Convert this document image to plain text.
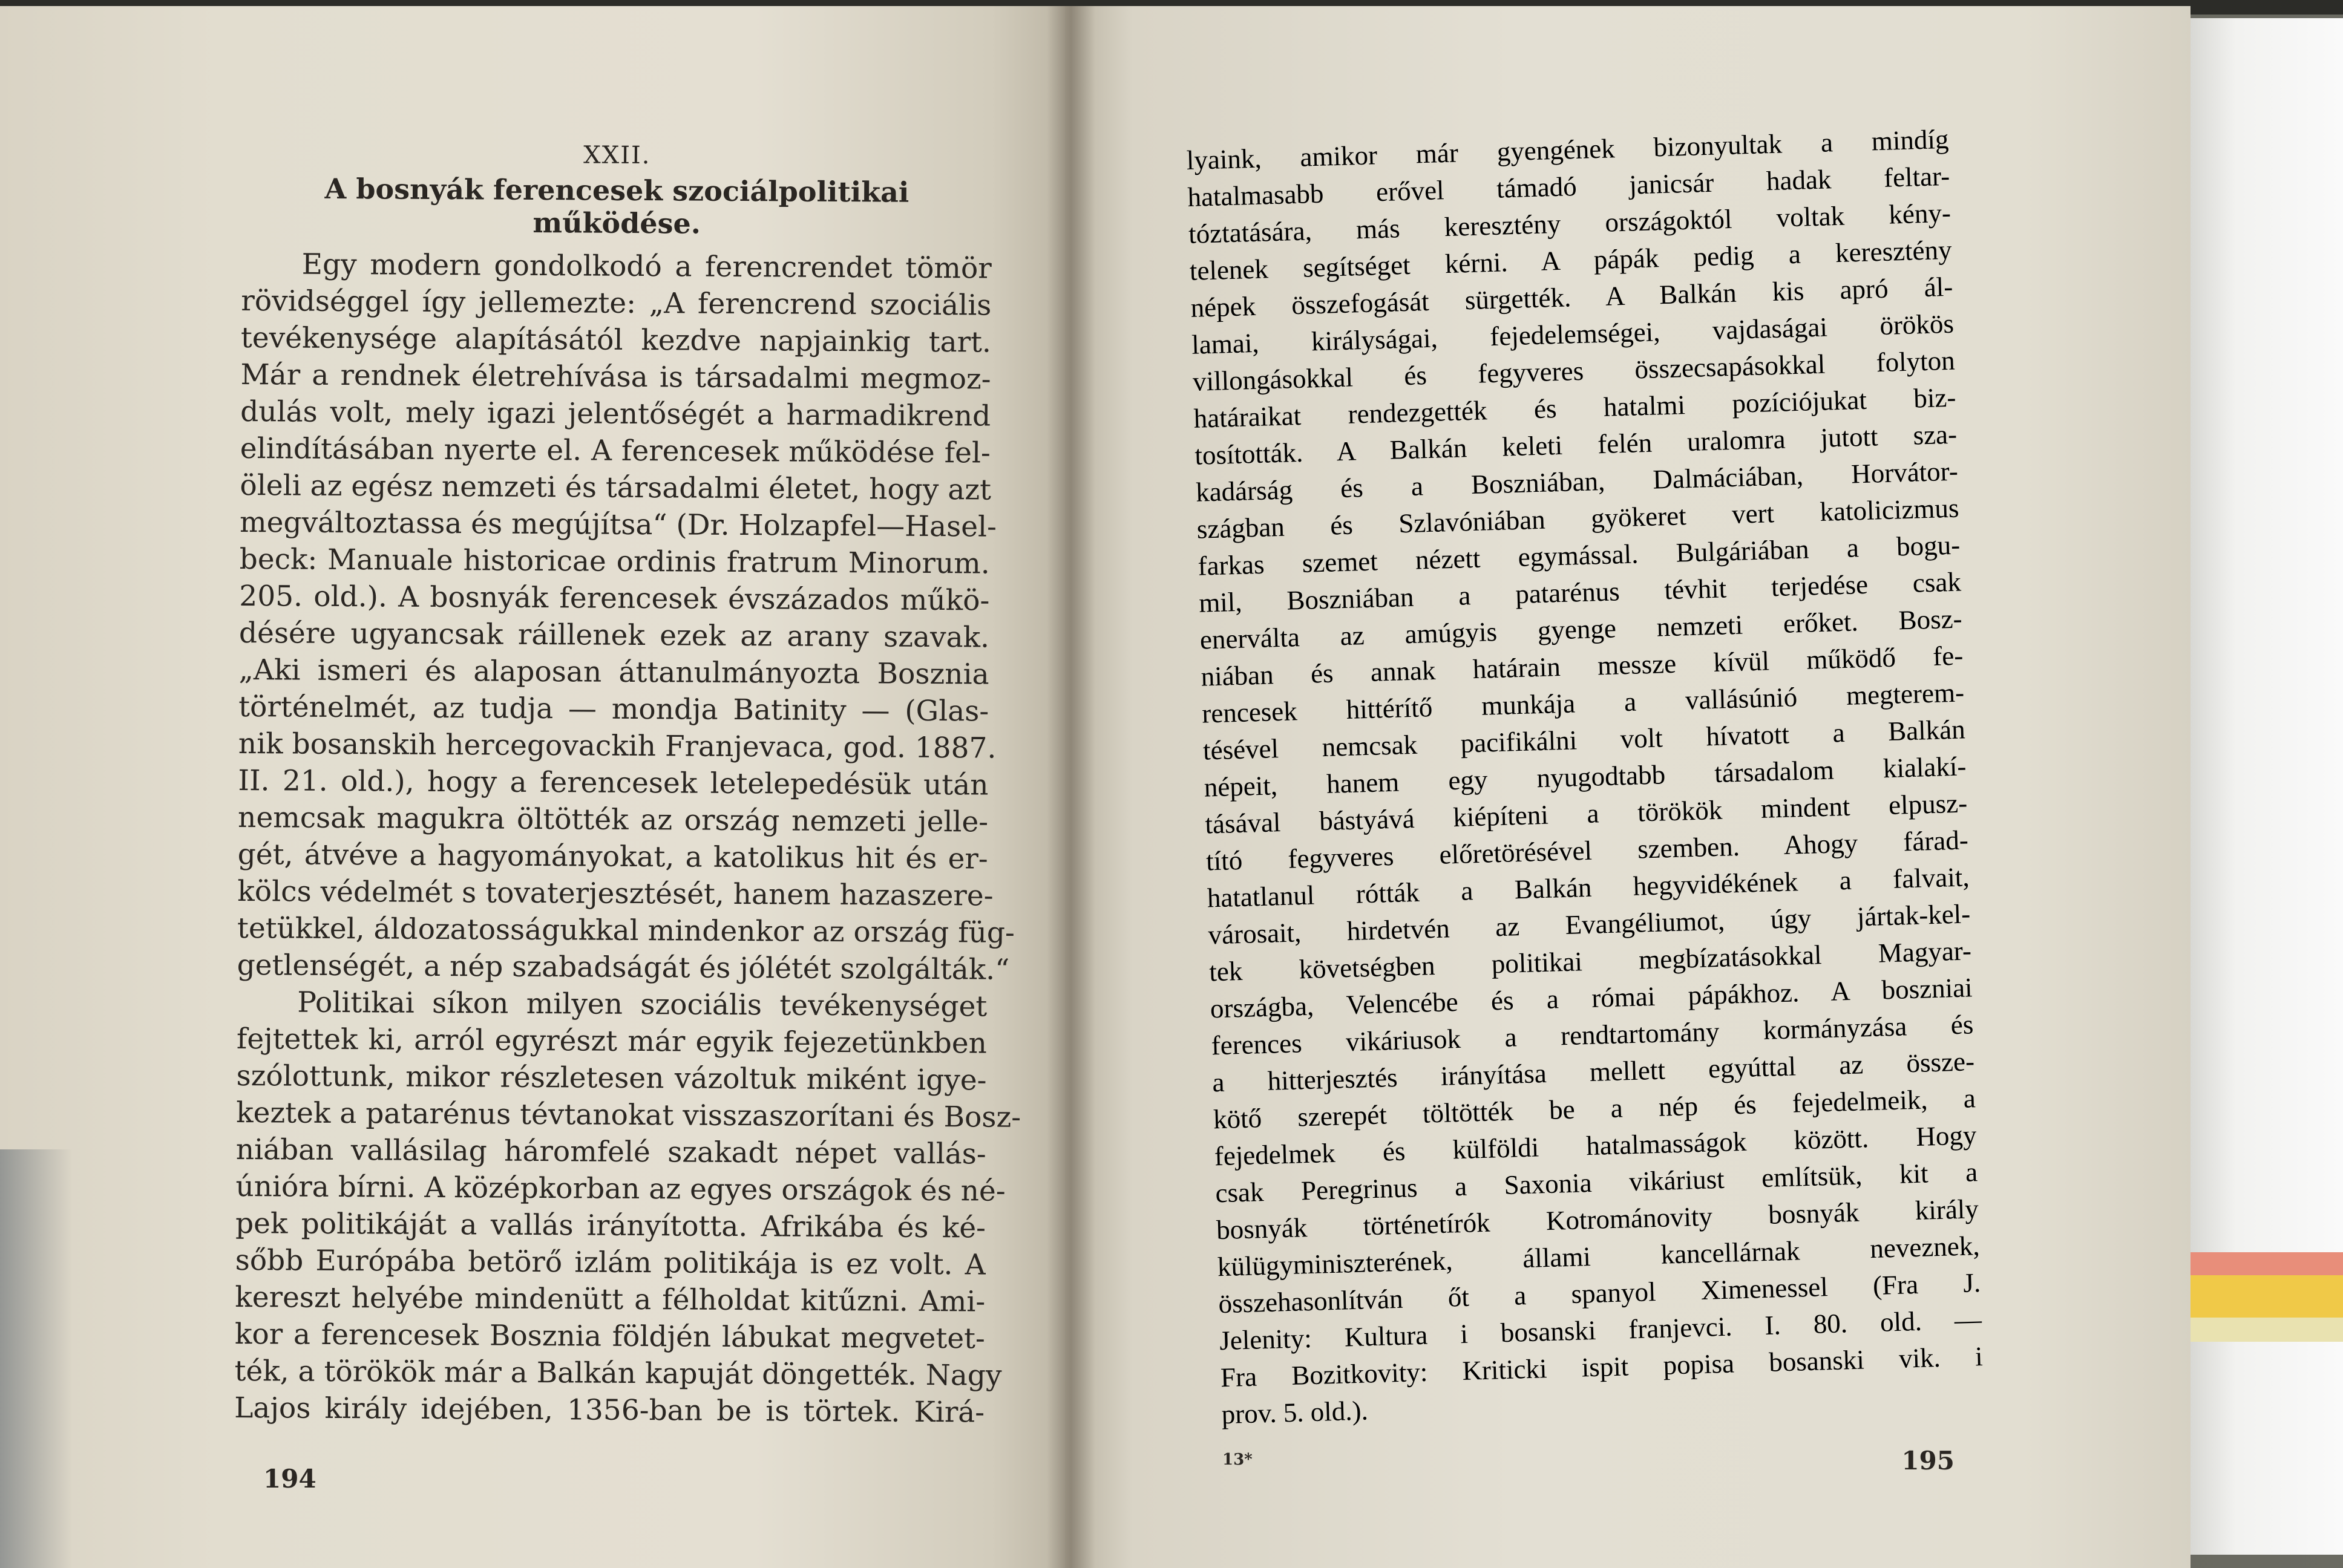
XXII.
A bosnyák ferencesek szociálpolitikai működése.
Egy modern gondolkodó a ferencrendet tömör
rövidséggel így jellemezte: „A ferencrend szociális
tevékenysége alapításától kezdve napjainkig tart.
Már a rendnek életrehívása is társadalmi megmoz-
dulás volt, mely igazi jelentőségét a harmadikrend
elindításában nyerte el. A ferencesek működése fel-
öleli az egész nemzeti és társadalmi életet, hogy azt
megváltoztassa és megújítsa“ (Dr. Holzapfel—Hasel-
beck: Manuale historicae ordinis fratrum Minorum.
205. old.). A bosnyák ferencesek évszázados műkö-
désére ugyancsak ráillenek ezek az arany szavak.
„Aki ismeri és alaposan áttanulmányozta Bosznia
történelmét, az tudja — mondja Batinity — (Glas-
nik bosanskih hercegovackih Franjevaca, god. 1887.
II. 21. old.), hogy a ferencesek letelepedésük után
nemcsak magukra öltötték az ország nemzeti jelle-
gét, átvéve a hagyományokat, a katolikus hit és er-
kölcs védelmét s tovaterjesztését, hanem hazaszere-
tetükkel, áldozatosságukkal mindenkor az ország füg-
getlenségét, a nép szabadságát és jólétét szolgálták.“
Politikai síkon milyen szociális tevékenységet
fejtettek ki, arról egyrészt már egyik fejezetünkben
szólottunk, mikor részletesen vázoltuk miként igye-
keztek a patarénus tévtanokat visszaszorítani és Bosz-
niában vallásilag háromfelé szakadt népet vallás-
únióra bírni. A középkorban az egyes országok és né-
pek politikáját a vallás irányította. Afrikába és ké-
sőbb Európába betörő izlám politikája is ez volt. A
kereszt helyébe mindenütt a félholdat kitűzni. Ami-
kor a ferencesek Bosznia földjén lábukat megvetet-
ték, a törökök már a Balkán kapuját döngették. Nagy
Lajos király idejében, 1356-ban be is törtek. Kirá-
194
lyaink, amikor már gyengének bizonyultak a mindíg
hatalmasabb erővel támadó janicsár hadak feltar-
tóztatására, más keresztény országoktól voltak kény-
telenek segítséget kérni. A pápák pedig a keresztény
népek összefogását sürgették. A Balkán kis apró ál-
lamai, királyságai, fejedelemségei, vajdaságai örökös
villongásokkal és fegyveres összecsapásokkal folyton
határaikat rendezgették és hatalmi pozíciójukat biz-
tosították. A Balkán keleti felén uralomra jutott sza-
kadárság és a Boszniában, Dalmáciában, Horvátor-
szágban és Szlavóniában gyökeret vert katolicizmus
farkas szemet nézett egymással. Bulgáriában a bogu-
mil, Boszniában a patarénus tévhit terjedése csak
enerválta az amúgyis gyenge nemzeti erőket. Bosz-
niában és annak határain messze kívül működő fe-
rencesek hittérítő munkája a vallásúnió megterem-
tésével nemcsak pacifikálni volt hívatott a Balkán
népeit, hanem egy nyugodtabb társadalom kialakí-
tásával bástyává kiépíteni a törökök mindent elpusz-
tító fegyveres előretörésével szemben. Ahogy fárad-
hatatlanul rótták a Balkán hegyvidékének a falvait,
városait, hirdetvén az Evangéliumot, úgy jártak-kel-
tek követségben politikai megbízatásokkal Magyar-
országba, Velencébe és a római pápákhoz. A boszniai
ferences vikáriusok a rendtartomány kormányzása és
a hitterjesztés irányítása mellett egyúttal az össze-
kötő szerepét töltötték be a nép és fejedelmeik, a
fejedelmek és külföldi hatalmasságok között. Hogy
csak Peregrinus a Saxonia vikáriust említsük, kit a
bosnyák történetírók Kotrománovity bosnyák király
külügyminiszterének, állami kancellárnak neveznek,
összehasonlítván őt a spanyol Ximenessel (Fra J.
Jelenity: Kultura i bosanski franjevci. I. 80. old. —
Fra Bozitkovity: Kriticki ispit popisa bosanski vik. i
prov. 5. old.).
13*	195
